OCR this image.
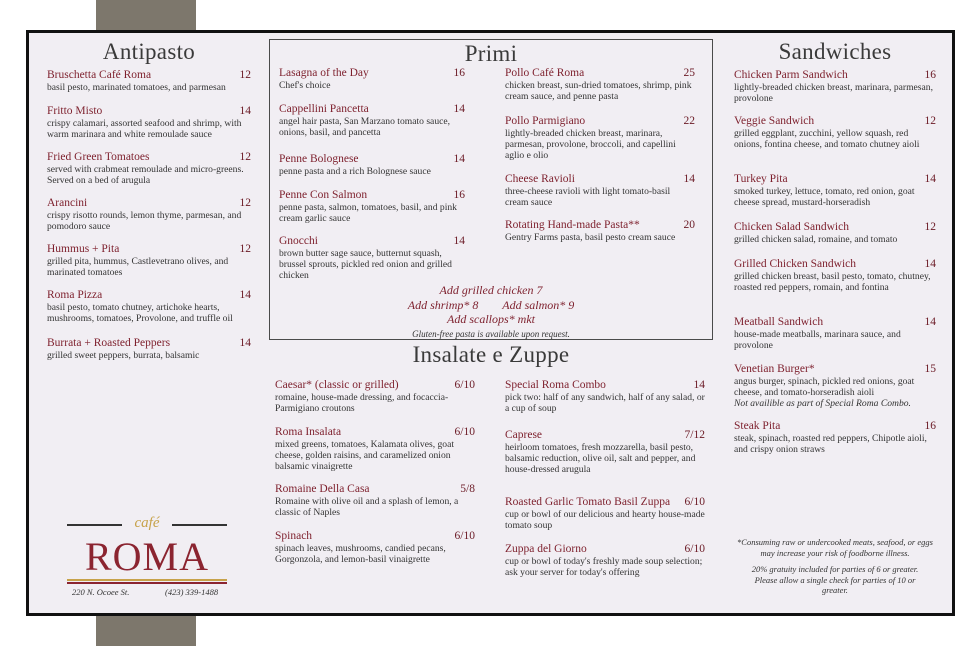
Antipasto
Bruschetta Café Roma	12
basil pesto, marinated tomatoes, and parmesan
Fritto Misto	14
crispy calamari, assorted seafood and shrimp, with warm marinara and white remoulade sauce
Fried Green Tomatoes	12
served with crabmeat remoulade and micro-greens. Served on a bed of arugula
Arancini	12
crispy risotto rounds, lemon thyme, parmesan, and pomodoro sauce
Hummus + Pita	12
grilled pita, hummus, Castlevetrano olives, and marinated tomatoes
Roma Pizza	14
basil pesto, tomato chutney, artichoke hearts, mushrooms, tomatoes, Provolone, and truffle oil
Burrata + Roasted Peppers	14
grilled sweet peppers, burrata, balsamic
Primi
Lasagna of the Day	16
Chef's choice
Cappellini Pancetta	14
angel hair pasta, San Marzano tomato sauce, onions, basil, and pancetta
Penne Bolognese	14
penne pasta and a rich Bolognese sauce
Penne Con Salmon	16
penne pasta, salmon, tomatoes, basil, and pink cream garlic sauce
Gnocchi	14
brown butter sage sauce, butternut squash, brussel sprouts, pickled red onion and grilled chicken
Pollo Café Roma	25
chicken breast, sun-dried tomatoes, shrimp, pink cream sauce, and penne pasta
Pollo Parmigiano	22
lightly-breaded chicken breast, marinara, parmesan, provolone, broccoli, and capellini aglio e olio
Cheese Ravioli	14
three-cheese ravioli with light tomato-basil cream sauce
Rotating Hand-made Pasta**	20
Gentry Farms pasta, basil pesto cream sauce
Add grilled chicken 7
Add shrimp* 8 Add salmon* 9
Add scallops* mkt
Gluten-free pasta is available upon request.
Insalate e Zuppe
Caesar* (classic or grilled)	6/10
romaine, house-made dressing, and focaccia-Parmigiano croutons
Roma Insalata	6/10
mixed greens, tomatoes, Kalamata olives, goat cheese, golden raisins, and caramelized onion balsamic vinaigrette
Romaine Della Casa	5/8
Romaine with olive oil and a splash of lemon, a classic of Naples
Spinach	6/10
spinach leaves, mushrooms, candied pecans, Gorgonzola, and lemon-basil vinaigrette
Special Roma Combo	14
pick two: half of any sandwich, half of any salad, or a cup of soup
Caprese	7/12
heirloom tomatoes, fresh mozzarella, basil pesto, balsamic reduction, olive oil, salt and pepper, and house-dressed arugula
Roasted Garlic Tomato Basil Zuppa 6/10
cup or bowl of our delicious and hearty house-made tomato soup
Zuppa del Giorno	6/10
cup or bowl of today's freshly made soup selection; ask your server for today's offering
Sandwiches
Chicken Parm Sandwich	16
lightly-breaded chicken breast, marinara, parmesan, provolone
Veggie Sandwich	12
grilled eggplant, zucchini, yellow squash, red onions, fontina cheese, and tomato chutney aioli
Turkey Pita	14
smoked turkey, lettuce, tomato, red onion, goat cheese spread, mustard-horseradish
Chicken Salad Sandwich	12
grilled chicken salad, romaine, and tomato
Grilled Chicken Sandwich	14
grilled chicken breast, basil pesto, tomato, chutney, roasted red peppers, romain, and fontina
Meatball Sandwich	14
house-made meatballs, marinara sauce, and provolone
Venetian Burger*	15
angus burger, spinach, pickled red onions, goat cheese, and tomato-horseradish aioli
Not availible as part of Special Roma Combo.
Steak Pita	16
steak, spinach, roasted red peppers, Chipotle aioli, and crispy onion straws
*Consuming raw or undercooked meats, seafood, or eggs may increase your risk of foodborne illness.
20% gratuity included for parties of 6 or greater. Please allow a single check for parties of 10 or greater.
café
ROMA
220 N. Ocoee St.	(423) 339-1488
